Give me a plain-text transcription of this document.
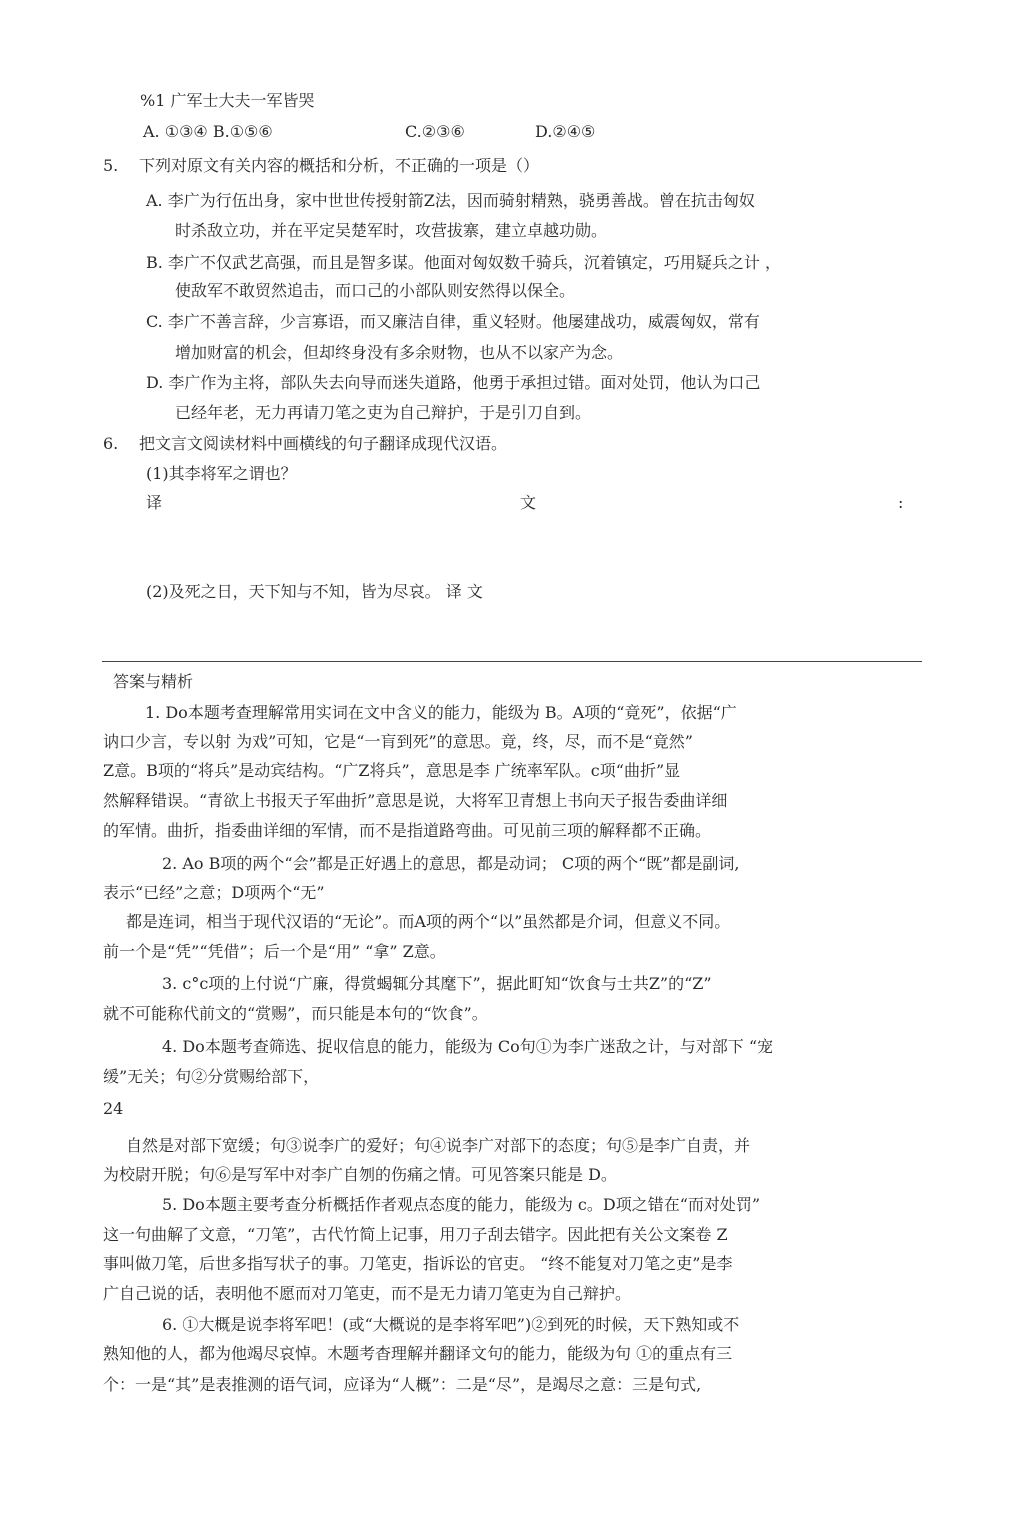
%1 广军士大夫一军皆哭
A. ①③④ B.①⑤⑥	C.②③⑥	D.②④⑤
5. 下列对原文有关内容的概括和分析，不正确的一项是（）
A. 李广为行伍出身，家中世世传授射箭Z法，因而骑射精熟，骁勇善战。曾在抗击匈奴
时杀敌立功，并在平定吴楚军时，攻营拔寨，建立卓越功勋。
B. 李广不仅武艺高强，而且是智多谋。他面对匈奴数千骑兵，沉着镇定，巧用疑兵之计 ，
使敌军不敢贸然追击，而口己的小部队则安然得以保全。
C. 李广不善言辞，少言寡语，而又廉洁自律，重义轻财。他屡建战功，威震匈奴，常有
增加财富的机会，但却终身没有多余财物，也从不以家产为念。
D. 李广作为主将，部队失去向导而迷失道路，他勇于承担过错。面对处罚，他认为口己
已经年老，无力再请刀笔之吏为自己辩护，于是引刀自到。
6. 把文言文阅读材料中画横线的句子翻译成现代汉语。
(1)其李将军之谓也？
译	文	:
(2)及死之日，天下知与不知，皆为尽哀。 译 文
答案与精析
1. Do本题考查理解常用实词在文中含义的能力，能级为 B。A项的“竟死”，依据“广
讷口少言，专以射 为戏”可知，它是“一肓到死”的意思。竟，终，尽，而不是“竟然”
Z意。B项的“将兵”是动宾结构。“广Z将兵”，意思是李 广统率军队。c项“曲折”显
然解释错误。“青欲上书报天子军曲折”意思是说，大将军卫青想上书向天子报告委曲详细
的军情。曲折，指委曲详细的军情，而不是指道路弯曲。可见前三项的解释都不正确。
2. Ao B项的两个“会”都是正好遇上的意思，都是动词； C项的两个“既”都是副词,
表示“已经”之意；D项两个“无”
都是连词，相当于现代汉语的“无论”。而A项的两个“以”虽然都是介词，但意义不同。
前一个是“凭”“凭借”；后一个是“用” “拿” Z意。
3. c°c项的上付说“广廉，得赏蝎辄分其麾下”，据此町知“饮食与士共Z”的“Z”
就不可能称代前文的“赏赐”，而只能是本句的“饮食”。
4. Do本题考查筛选、捉収信息的能力，能级为 Co句①为李广迷敌之计，与对部下 “宠
缓”无关；句②分赏赐给部下，
24
自然是对部下宽缓；句③说李广的爱好；句④说李广对部下的态度；句⑤是李广自责，并
为校尉开脱；句⑥是写军中对李广自刎的伤痛之情。可见答案只能是 D。
5. Do本题主要考查分析概括作者观点态度的能力，能级为 c。D项之错在“而对处罚”
这一句曲解了文意，“刀笔”，古代竹简上记事，用刀子刮去错字。因此把有关公文案卷 Z
事叫做刀笔，后世多指写状子的事。刀笔吏，指诉讼的官吏。 “终不能复对刀笔之吏”是李
广自己说的话，表明他不愿而对刀笔吏，而不是无力请刀笔吏为自己辩护。
6. ①大概是说李将军吧！(或“大概说的是李将军吧”)②到死的时候，天下熟知或不
熟知他的人，都为他竭尽哀悼。木题考杳理解并翻译文句的能力，能级为句 ①的重点有三
个：一是“其”是表推测的语气词，应译为“人概”：二是“尽”，是竭尽之意：三是句式,
